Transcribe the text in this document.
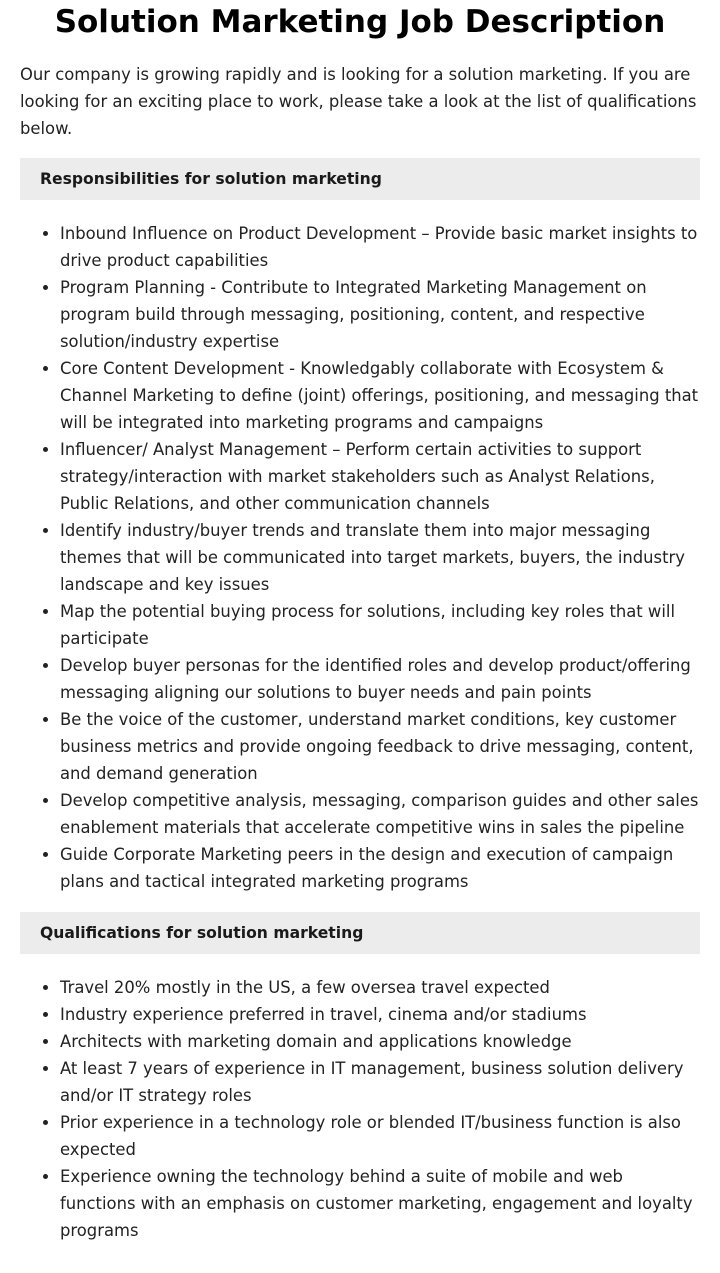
Solution Marketing Job Description

Our company is growing rapidly and is looking for a solution marketing. If you are looking for an exciting place to work, please take a look at the list of qualifications below.

Responsibilities for solution marketing
Inbound Influence on Product Development – Provide basic market insights to drive product capabilities
Program Planning - Contribute to Integrated Marketing Management on program build through messaging, positioning, content, and respective solution/industry expertise
Core Content Development - Knowledgably collaborate with Ecosystem & Channel Marketing to define (joint) offerings, positioning, and messaging that will be integrated into marketing programs and campaigns
Influencer/ Analyst Management – Perform certain activities to support strategy/interaction with market stakeholders such as Analyst Relations, Public Relations, and other communication channels
Identify industry/buyer trends and translate them into major messaging themes that will be communicated into target markets, buyers, the industry landscape and key issues
Map the potential buying process for solutions, including key roles that will participate
Develop buyer personas for the identified roles and develop product/offering messaging aligning our solutions to buyer needs and pain points
Be the voice of the customer, understand market conditions, key customer business metrics and provide ongoing feedback to drive messaging, content, and demand generation
Develop competitive analysis, messaging, comparison guides and other sales enablement materials that accelerate competitive wins in sales the pipeline
Guide Corporate Marketing peers in the design and execution of campaign plans and tactical integrated marketing programs
Qualifications for solution marketing
Travel 20% mostly in the US, a few oversea travel expected
Industry experience preferred in travel, cinema and/or stadiums
Architects with marketing domain and applications knowledge
At least 7 years of experience in IT management, business solution delivery and/or IT strategy roles
Prior experience in a technology role or blended IT/business function is also expected
Experience owning the technology behind a suite of mobile and web functions with an emphasis on customer marketing, engagement and loyalty programs
